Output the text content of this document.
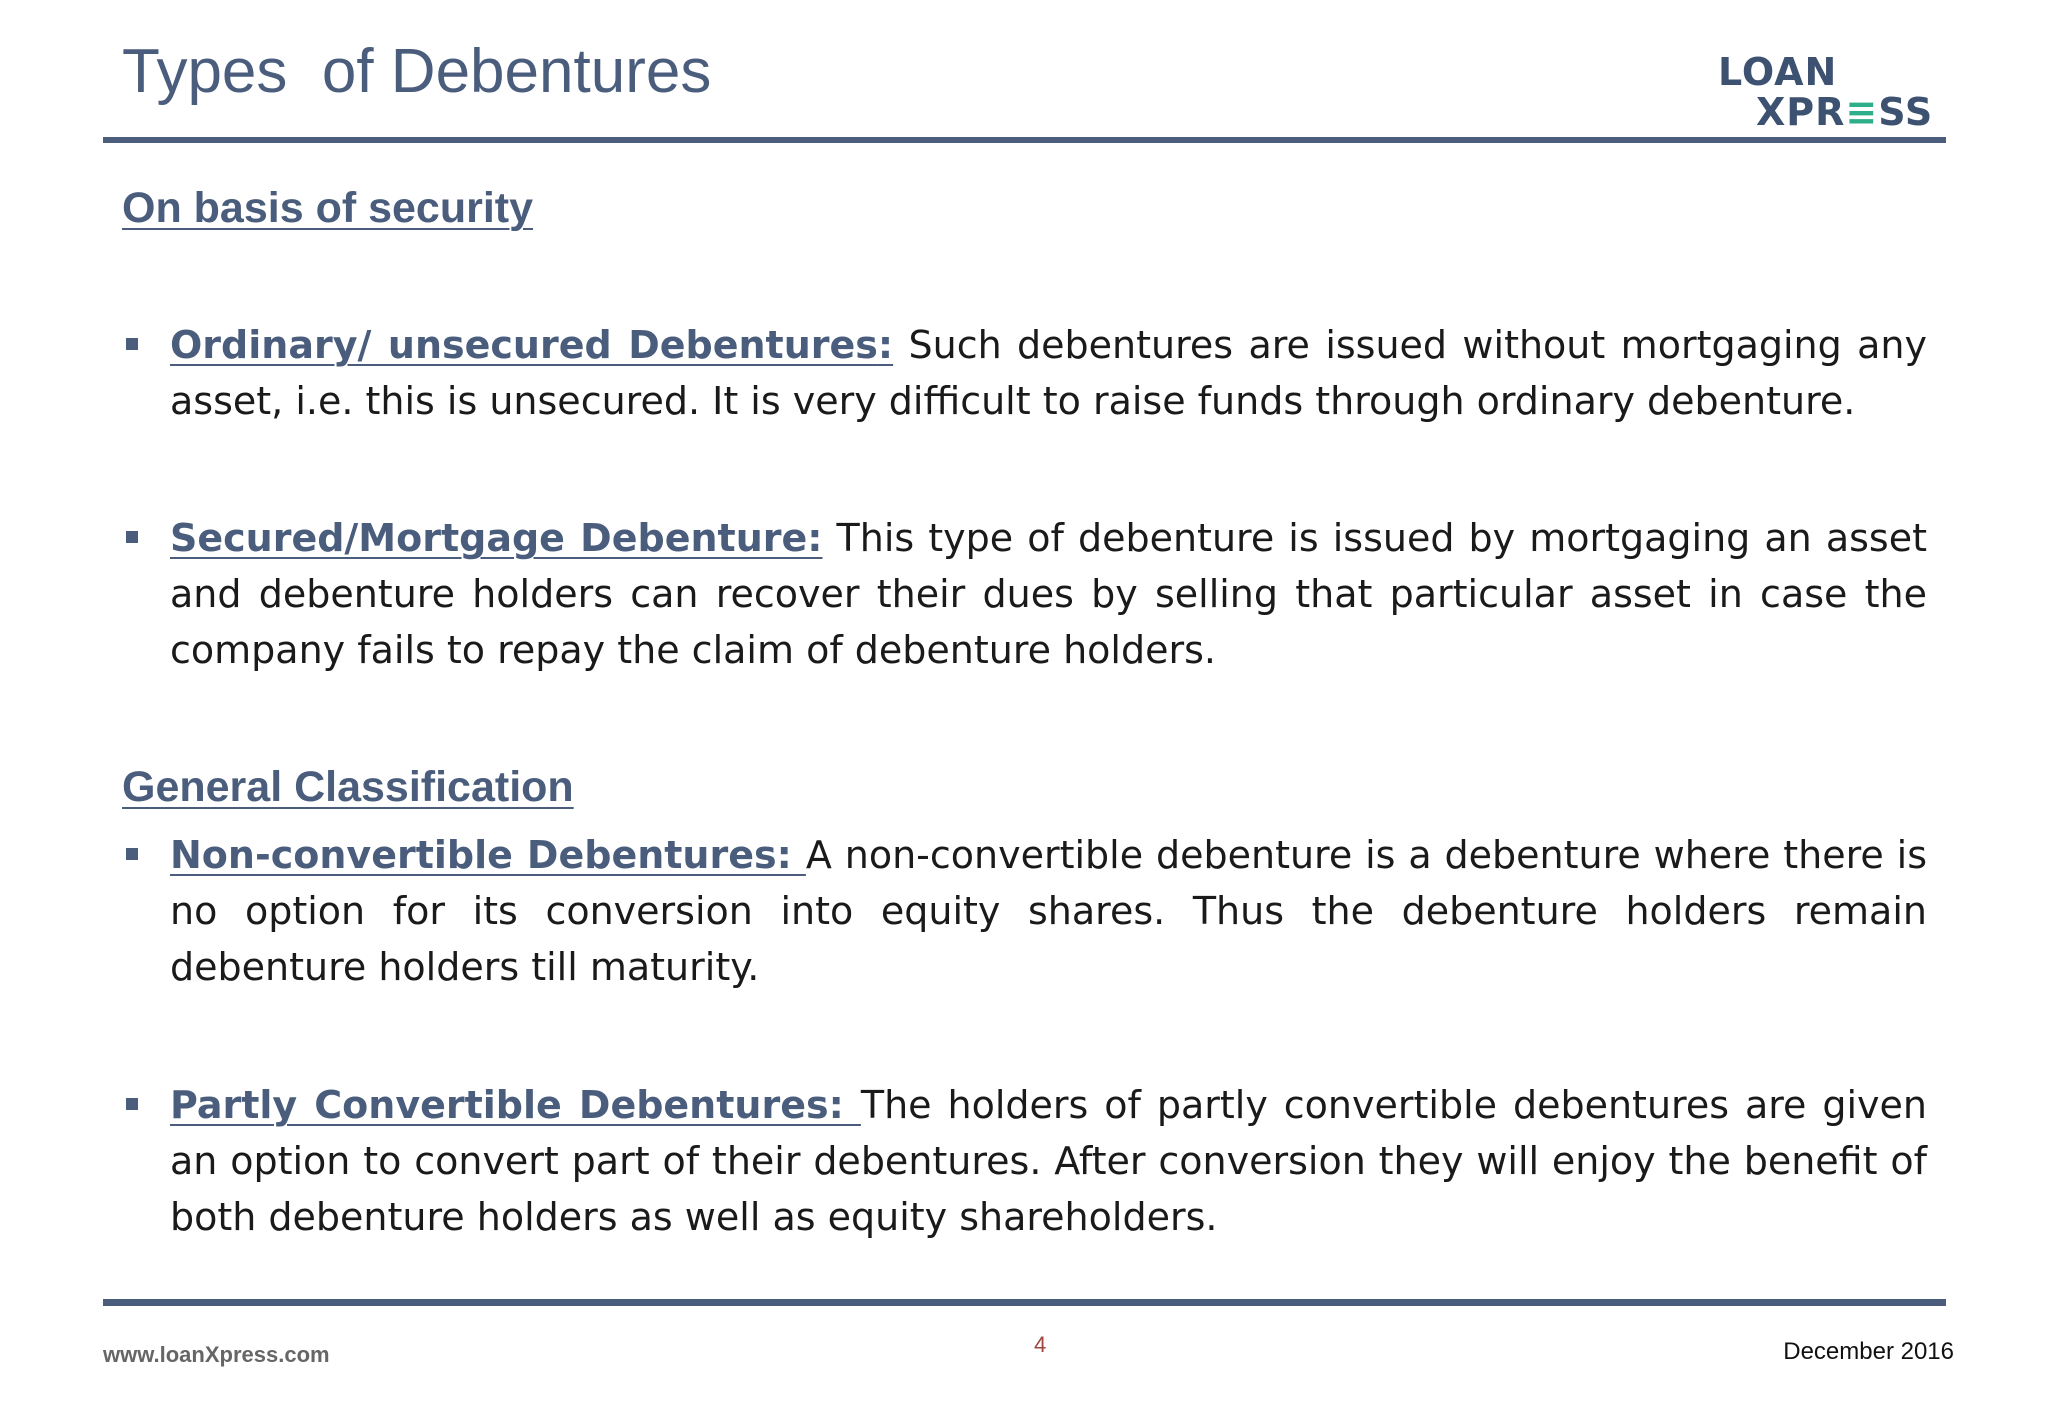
Types  of Debentures	LOAN
XPR≡SS
On basis of security
Ordinary/ unsecured Debentures: Such debentures are issued without mortgaging any asset, i.e. this is unsecured. It is very difficult to raise funds through ordinary debenture.
Secured/Mortgage Debenture: This type of debenture is issued by mortgaging an asset and debenture holders can recover their dues by selling that particular asset in case the company fails to repay the claim of debenture holders.
General Classification
Non-convertible Debentures: A non-convertible debenture is a debenture where there is no option for its conversion into equity shares. Thus the debenture holders remain debenture holders till maturity.
Partly Convertible Debentures: The holders of partly convertible debentures are given an option to convert part of their debentures. After conversion they will enjoy the benefit of both debenture holders as well as equity shareholders.
www.loanXpress.com	4	December 2016
